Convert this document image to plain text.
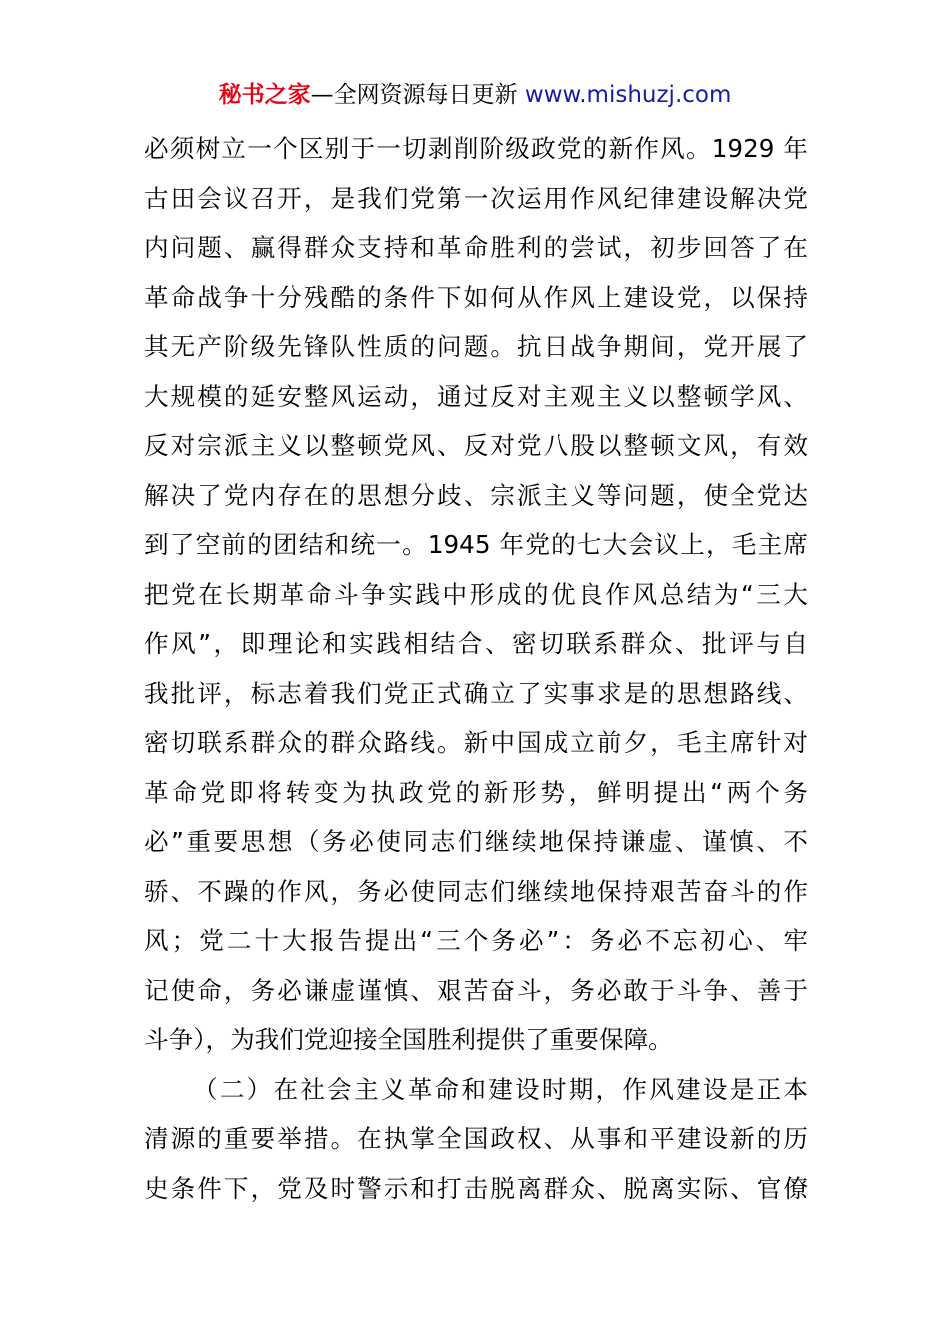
秘书之家—全网资源每日更新 www.mishuzj.com
必须树立一个区别于一切剥削阶级政党的新作风。1929 年
古田会议召开，是我们党第一次运用作风纪律建设解决党
内问题、赢得群众支持和革命胜利的尝试，初步回答了在
革命战争十分残酷的条件下如何从作风上建设党，以保持
其无产阶级先锋队性质的问题。抗日战争期间，党开展了
大规模的延安整风运动，通过反对主观主义以整顿学风、
反对宗派主义以整顿党风、反对党八股以整顿文风，有效
解决了党内存在的思想分歧、宗派主义等问题，使全党达
到了空前的团结和统一。1945 年党的七大会议上，毛主席
把党在长期革命斗争实践中形成的优良作风总结为“三大
作风”，即理论和实践相结合、密切联系群众、批评与自
我批评，标志着我们党正式确立了实事求是的思想路线、
密切联系群众的群众路线。新中国成立前夕，毛主席针对
革命党即将转变为执政党的新形势，鲜明提出“两个务
必”重要思想（务必使同志们继续地保持谦虚、谨慎、不
骄、不躁的作风，务必使同志们继续地保持艰苦奋斗的作
风；党二十大报告提出“三个务必”：务必不忘初心、牢
记使命，务必谦虚谨慎、艰苦奋斗，务必敢于斗争、善于
斗争），为我们党迎接全国胜利提供了重要保障。
（二）在社会主义革命和建设时期，作风建设是正本
清源的重要举措。在执掌全国政权、从事和平建设新的历
史条件下，党及时警示和打击脱离群众、脱离实际、官僚
